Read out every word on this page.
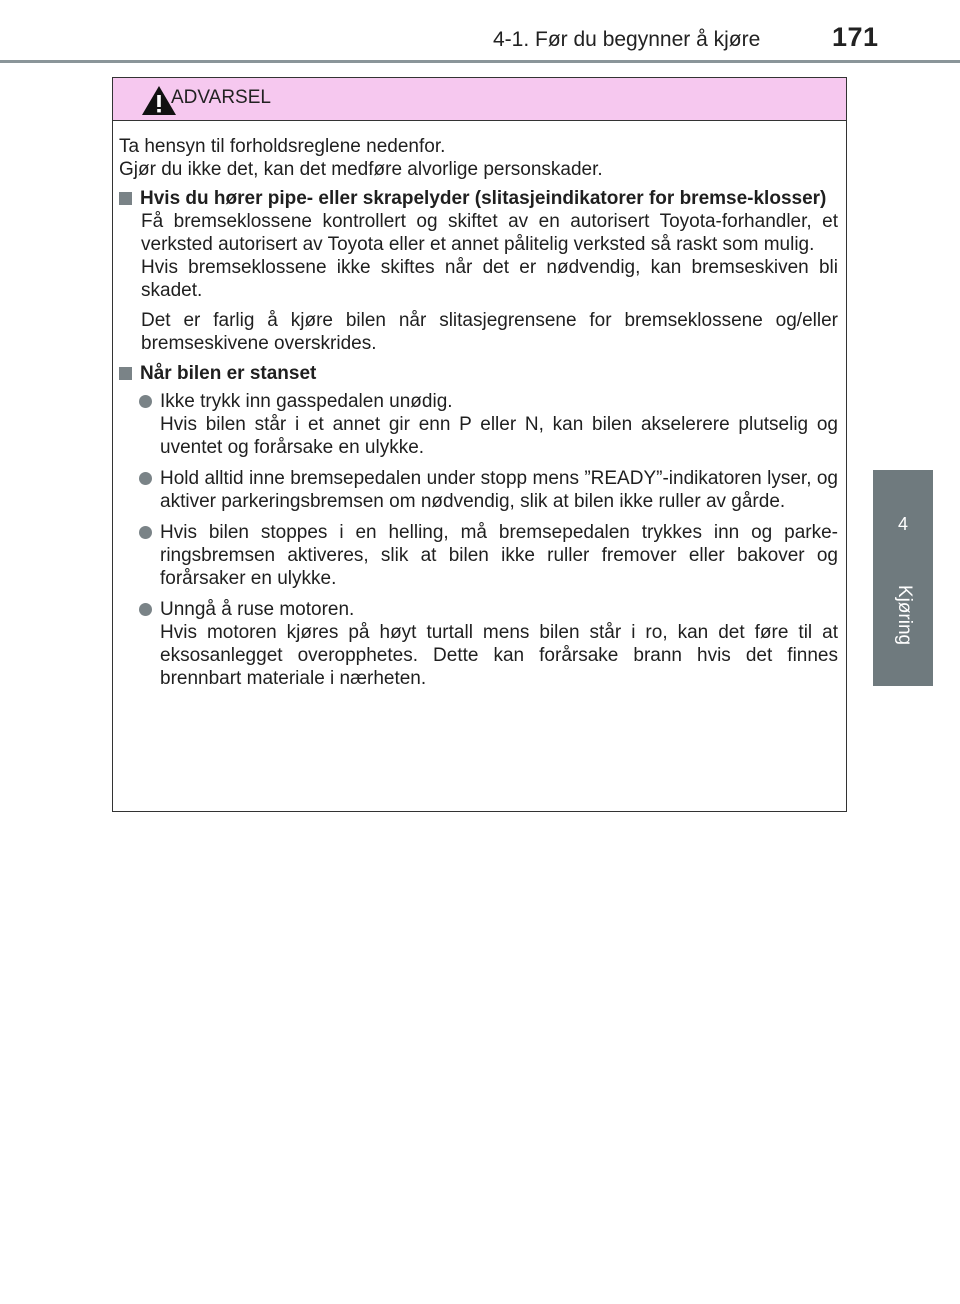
4-1. Før du begynner å kjøre	171
4
Kjøring
ADVARSEL

Ta hensyn til forholdsreglene nedenfor.

Gjør du ikke det, kan det medføre alvorlige personskader.

Hvis du hører pipe- eller skrapelyder (slitasjeindikatorer for bremse-klosser)

Få bremseklossene kontrollert og skiftet av en autorisert Toyota-forhandler, et verksted autorisert av Toyota eller et annet pålitelig verksted så raskt som mulig.
Hvis bremseklossene ikke skiftes når det er nødvendig, kan bremseskiven bli skadet.

Det er farlig å kjøre bilen når slitasjegrensene for bremseklossene og/eller bremseskivene overskrides.

Når bilen er stanset

Ikke trykk inn gasspedalen unødig.

Hvis bilen står i et annet gir enn P eller N, kan bilen akselerere plutselig og uventet og forårsake en ulykke.

Hold alltid inne bremsepedalen under stopp mens ”READY”-indikatoren lyser, og aktiver parkeringsbremsen om nødvendig, slik at bilen ikke ruller av gårde.

Hvis bilen stoppes i en helling, må bremsepedalen trykkes inn og parke-ringsbremsen aktiveres, slik at bilen ikke ruller fremover eller bakover og forårsaker en ulykke.

Unngå å ruse motoren.

Hvis motoren kjøres på høyt turtall mens bilen står i ro, kan det føre til at eksosanlegget overopphetes. Dette kan forårsake brann hvis det finnes brennbart materiale i nærheten.
